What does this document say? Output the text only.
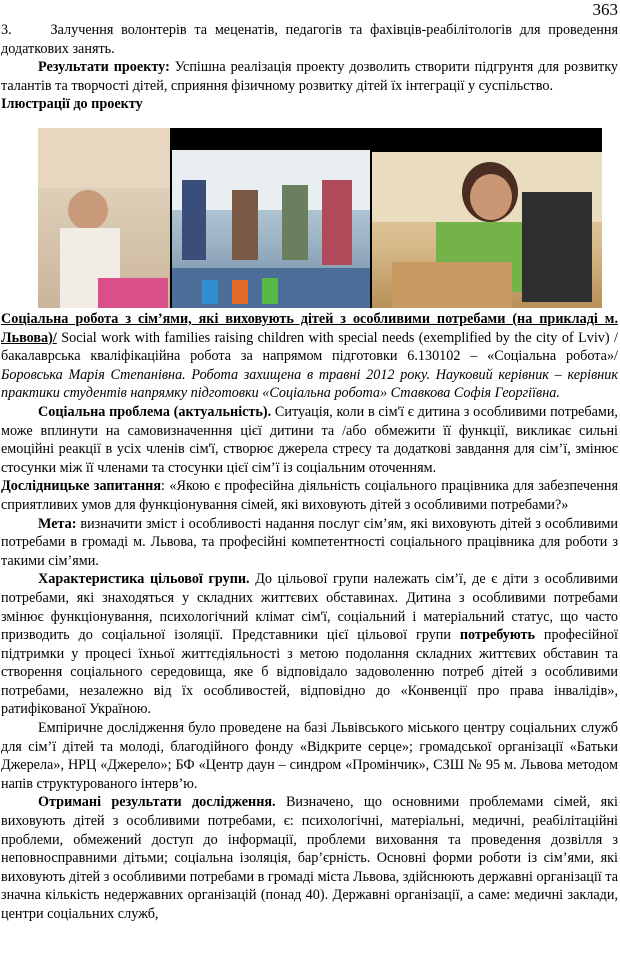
363

3.     Залучення волонтерів та меценатів, педагогів та фахівців-реабілітологів для проведення додаткових занять.

Результати проекту: Успішна реалізація проекту дозволить створити підгрунтя для розвитку талантів та творчості дітей, сприяння фізичному розвитку дітей їх інтеграції у суспільство.

Ілюстрації до проекту

Соціальна робота з сім’ями, які виховують дітей з особливими потребами (на прикладі м. Львова)/ Social work with families raising children with special needs (exemplified by the city of Lviv) / бакалаврська кваліфікаційна робота за напрямом підготовки 6.130102 – «Соціальна робота»/ Боровська Марія Степанівна. Робота захищена в травні 2012 року. Науковий керівник – керівник практики студентів напрямку підготовки «Соціальна робота» Ставкова Софія Георгіївна.

Соціальна проблема (актуальність). Ситуація, коли в сім'ї є дитина з особливими потребами, може вплинути на самовизначенння цієї дитини та /або обмежити її функції, викликає сильні емоційні реакції в усіх членів сім'ї, створює джерела стресу та додаткові завдання для сім’ї, змінює стосунки між її членами та стосунки цієї сім’ї із соціальним оточенням.

Дослідницьке запитання: «Якою є професійна діяльність соціального працівника для забезпечення сприятливих умов для функціонування сімей, які виховують дітей з особливими потребами?»

Мета: визначити зміст і особливості надання послуг сім’ям, які виховують дітей з особливими потребами в громаді м. Львова, та професійні компетентності соціального працівника для роботи з такими сім’ями.

Характеристика цільової групи. До цільової групи належать сім’ї, де є діти з особливими потребами, які знаходяться у складних життєвих обставинах. Дитина з особливими потребами змінює функціонування, психологічний клімат сім'ї, соціальний і матеріальний статус, що часто призводить до соціальної ізоляції. Представники цієї цільової групи потребують професійної підтримки у процесі їхньої життєдіяльності з метою подолання складних життєвих обставин та створення соціального середовища, яке б відповідало задоволенню потреб дітей з особливими потребами, незалежно від їх особливостей, відповідно до «Конвенції про права інвалідів», ратифікованої Україною.

Емпіричне дослідження було проведене на базі Львівського міського центру соціальних служб для сім’ї дітей та молоді, благодійного фонду «Відкрите серце»; громадської організації «Батьки Джерела», НРЦ «Джерело»; БФ «Центр даун – синдром «Промінчик», СЗШ № 95 м. Львова методом напів структурованого інтерв’ю.

Отримані результати дослідження. Визначено, що основними проблемами сімей, які виховують дітей з особливими потребами, є: психологічні, матеріальні, медичні, реабілітаційні проблеми, обмежений доступ до інформації, проблеми виховання та проведення дозвілля з неповносправними дітьми; соціальна ізоляція, бар’єрність. Основні форми роботи із сім’ями, які виховують дітей з особливими потребами в громаді міста Львова, здійснюють державні організації та значна кількість недержавних організацій (понад 40). Державні організації, а саме: медичні заклади, центри соціальних служб,
